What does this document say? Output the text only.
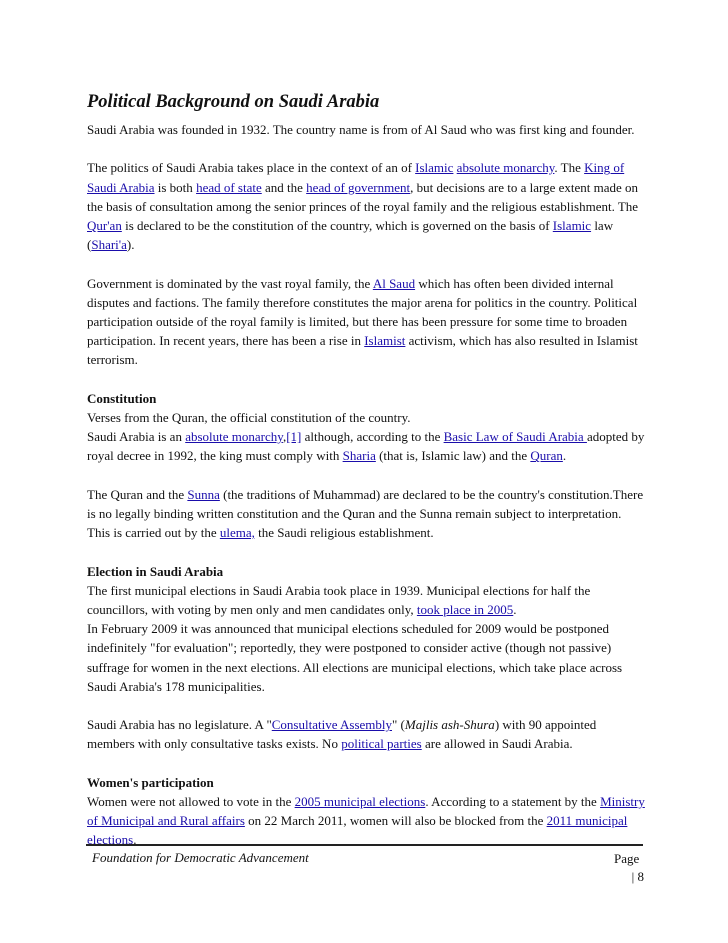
Political Background on Saudi Arabia

Saudi Arabia was founded in 1932. The country name is from of Al Saud who was first king and founder.

The politics of Saudi Arabia takes place in the context of an of Islamic absolute monarchy. The King of Saudi Arabia is both head of state and the head of government, but decisions are to a large extent made on the basis of consultation among the senior princes of the royal family and the religious establishment. The Qur'an is declared to be the constitution of the country, which is governed on the basis of Islamic law (Shari'a).

Government is dominated by the vast royal family, the Al Saud which has often been divided internal disputes and factions. The family therefore constitutes the major arena for politics in the country. Political participation outside of the royal family is limited, but there has been pressure for some time to broaden participation. In recent years, there has been a rise in Islamist activism, which has also resulted in Islamist terrorism.

Constitution
Verses from the Quran, the official constitution of the country.
Saudi Arabia is an absolute monarchy,[1] although, according to the Basic Law of Saudi Arabia adopted by royal decree in 1992, the king must comply with Sharia (that is, Islamic law) and the Quran.

The Quran and the Sunna (the traditions of Muhammad) are declared to be the country's constitution.There is no legally binding written constitution and the Quran and the Sunna remain subject to interpretation. This is carried out by the ulema, the Saudi religious establishment.

Election in Saudi Arabia
The first municipal elections in Saudi Arabia took place in 1939. Municipal elections for half the councillors, with voting by men only and men candidates only, took place in 2005.
In February 2009 it was announced that municipal elections scheduled for 2009 would be postponed indefinitely "for evaluation"; reportedly, they were postponed to consider active (though not passive) suffrage for women in the next elections. All elections are municipal elections, which take place across Saudi Arabia's 178 municipalities.

Saudi Arabia has no legislature. A "Consultative Assembly" (Majlis ash-Shura) with 90 appointed members with only consultative tasks exists. No political parties are allowed in Saudi Arabia.

Women's participation
Women were not allowed to vote in the 2005 municipal elections. According to a statement by the Ministry of Municipal and Rural affairs on 22 March 2011, women will also be blocked from the 2011 municipal elections.

Foundation for Democratic Advancement	Page
| 8
